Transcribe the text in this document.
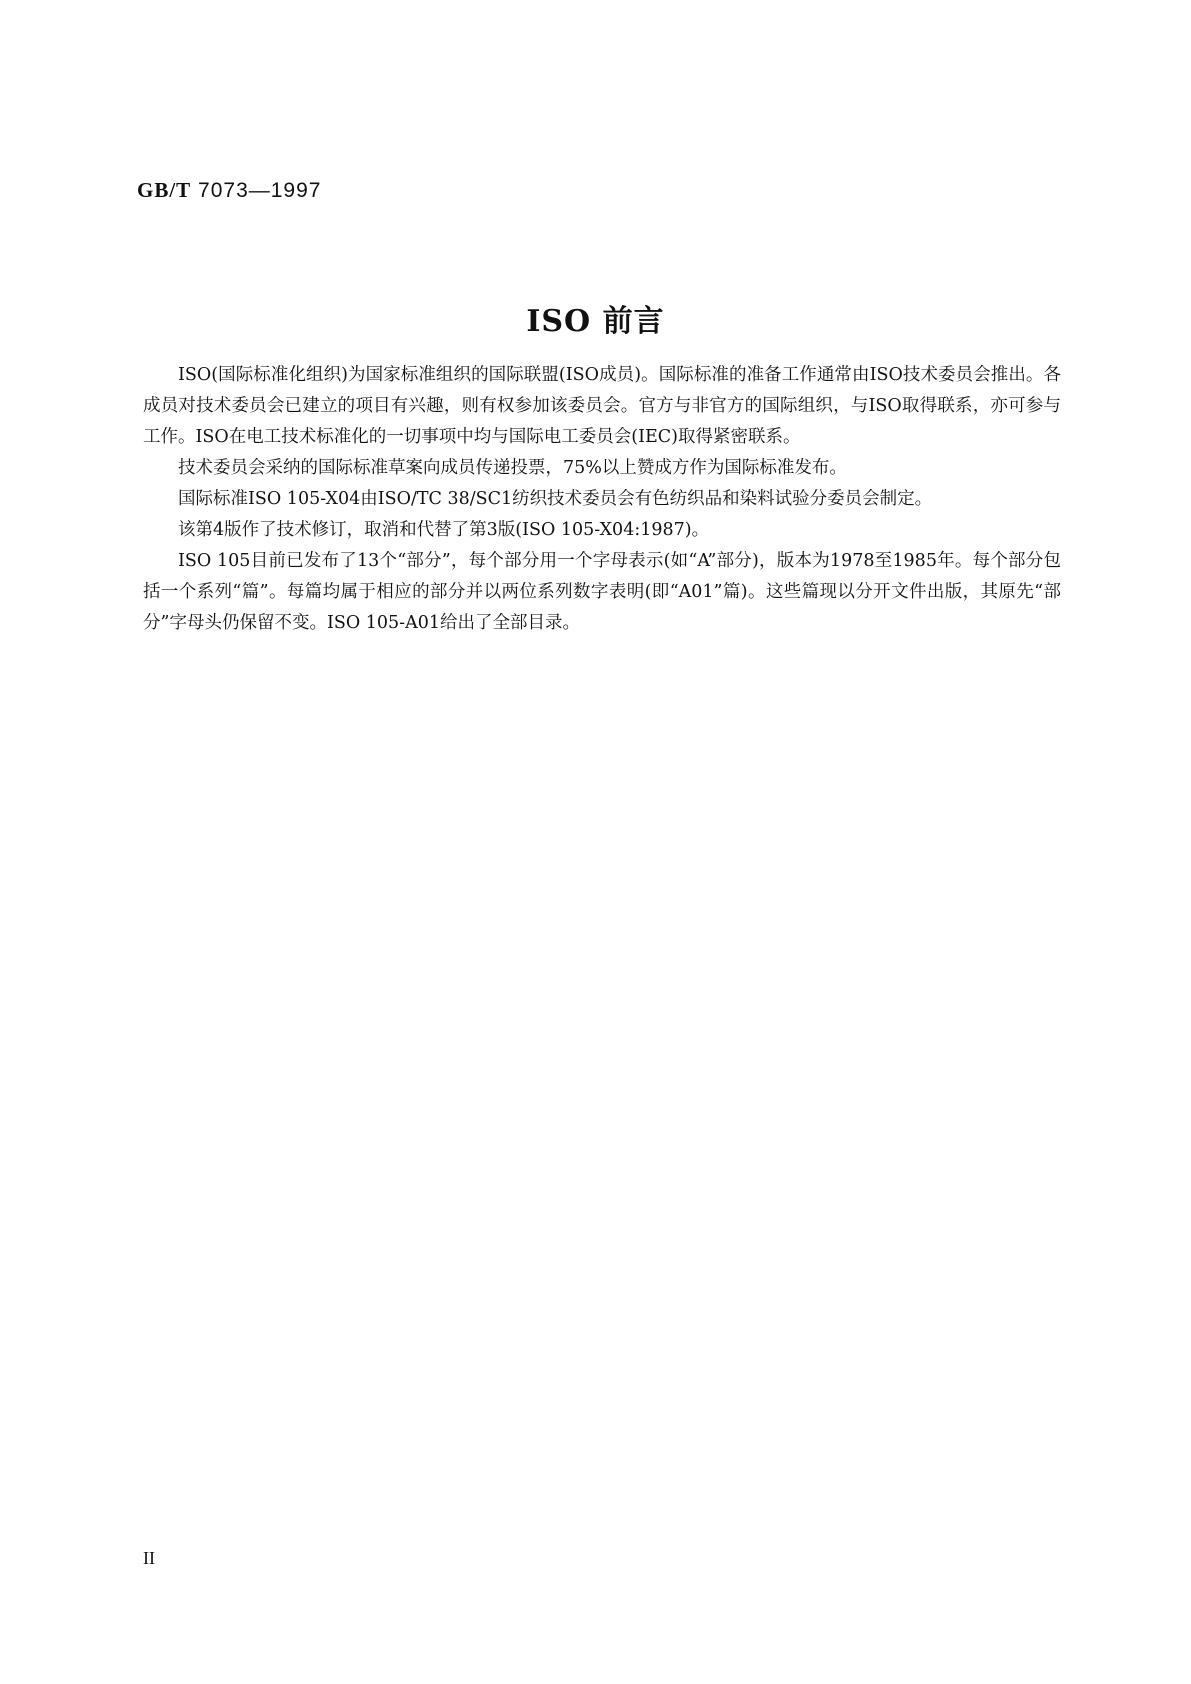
GB/T 7073—1997
ISO 前言

ISO(国际标准化组织)为国家标准组织的国际联盟(ISO成员)。国际标准的准备工作通常由ISO技术委员会推出。各成员对技术委员会已建立的项目有兴趣，则有权参加该委员会。官方与非官方的国际组织，与ISO取得联系，亦可参与工作。ISO在电工技术标准化的一切事项中均与国际电工委员会(IEC)取得紧密联系。

技术委员会采纳的国际标准草案向成员传递投票，75%以上赞成方作为国际标准发布。

国际标准ISO 105-X04由ISO/TC 38/SC1纺织技术委员会有色纺织品和染料试验分委员会制定。

该第4版作了技术修订，取消和代替了第3版(ISO 105-X04:1987)。

ISO 105目前已发布了13个“部分”，每个部分用一个字母表示(如“A”部分)，版本为1978至1985年。每个部分包括一个系列“篇”。每篇均属于相应的部分并以两位系列数字表明(即“A01”篇)。这些篇现以分开文件出版，其原先“部分”字母头仍保留不变。ISO 105-A01给出了全部目录。

II
